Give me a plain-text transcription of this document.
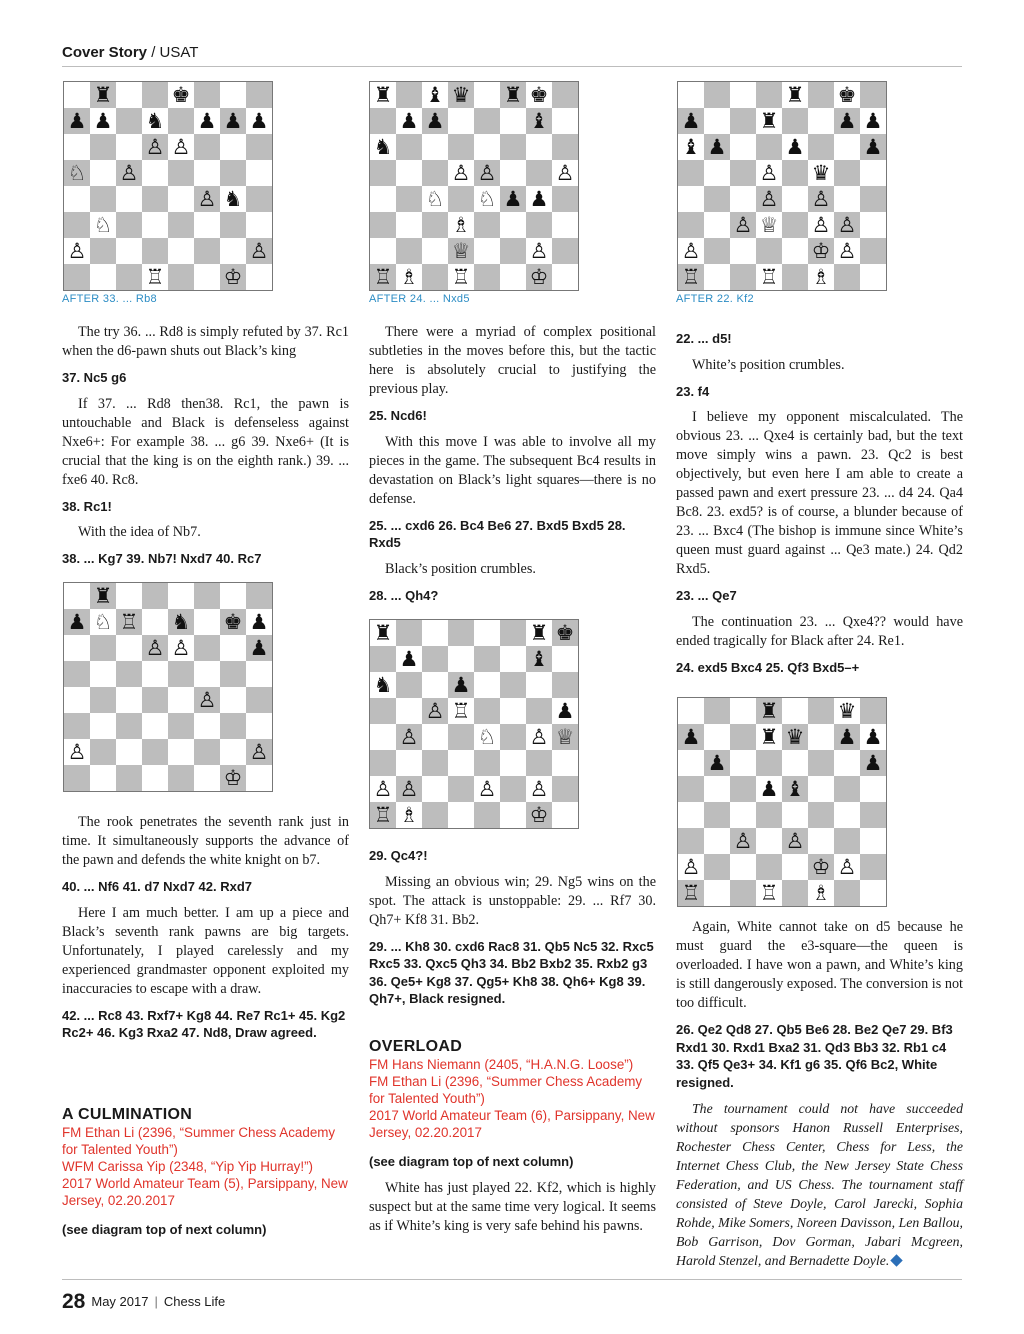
Cover Story / USAT
♜	♚
♟ ♟ ♞ ♟ ♟ ♟
♙ ♙
♘ ♙
♙ ♞
♘
♙	♙
♖	♔
AFTER 33. ... Rb8
♜ ♝ ♛ ♜ ♚
♟ ♟	♝
♞
♙ ♙	♙
♘ ♘ ♟ ♟
♗
♕	♙
♖ ♗ ♖	♔
AFTER 24. ... Nxd5
♜ ♚
♟	♜	♟ ♟
♝ ♟	♟	♟
♙ ♛
♙ ♙
♙ ♕ ♙ ♙
♙	♔ ♙
♖	♖ ♗
AFTER 22. Kf2
♜
♟ ♘ ♖ ♞ ♚ ♟
♙ ♙	♟
♙
♙	♙
♔
♜	♜ ♚
♟	♝
♞	♟
♙ ♖	♟
♙	♘ ♙ ♕
♙ ♙	♙ ♙
♖ ♗	♔
♜	♛
♟	♜ ♛ ♟ ♟
♟	♟
♟ ♝
♙ ♙
♙	♔ ♙
♖	♖ ♗

The try 36. ... Rd8 is simply refuted by 37. Rc1 when the d6-pawn shuts out Black’s king

37. Nc5 g6

If 37. ... Rd8 then38. Rc1, the pawn is untouchable and Black is defenseless against Nxe6+: For example 38. ... g6 39. Nxe6+ (It is crucial that the king is on the eighth rank.) 39. ... fxe6 40. Rc8.

38. Rc1!

With the idea of Nb7.

38. ... Kg7 39. Nb7! Nxd7 40. Rc7

The rook penetrates the seventh rank just in time. It simultaneously supports the advance of the pawn and defends the white knight on b7.

40. ... Nf6 41. d7 Nxd7 42. Rxd7

Here I am much better. I am up a piece and Black’s seventh rank pawns are big targets. Unfortunately, I played carelessly and my experienced grandmaster opponent exploited my inaccuracies to escape with a draw.

42. ... Rc8 43. Rxf7+ Kg8 44. Re7 Rc1+ 45. Kg2 Rc2+ 46. Kg3 Rxa2 47. Nd8, Draw agreed.

A CULMINATION

FM Ethan Li (2396, “Summer Chess Academy for Talented Youth”)

WFM Carissa Yip (2348, “Yip Yip Hurray!”)

2017 World Amateur Team (5), Parsippany, New Jersey, 02.20.2017

(see diagram top of next column)

There were a myriad of complex positional subtleties in the moves before this, but the tactic here is absolutely crucial to justifying the previous play.

25. Ncd6!

With this move I was able to involve all my pieces in the game. The subsequent Bc4 results in devastation on Black’s light squares—there is no defense.

25. ... cxd6 26. Bc4 Be6 27. Bxd5 Bxd5 28. Rxd5

Black’s position crumbles.

28. ... Qh4?

29. Qc4?!

Missing an obvious win; 29. Ng5 wins on the spot. The attack is unstoppable: 29. ... Rf7 30. Qh7+ Kf8 31. Bb2.

29. ... Kh8 30. cxd6 Rac8 31. Qb5 Nc5 32. Rxc5 Rxc5 33. Qxc5 Qh3 34. Bb2 Bxb2 35. Rxb2 g3 36. Qe5+ Kg8 37. Qg5+ Kh8 38. Qh6+ Kg8 39. Qh7+, Black resigned.

OVERLOAD

FM Hans Niemann (2405, “H.A.N.G. Loose”)

FM Ethan Li (2396, “Summer Chess Academy for Talented Youth”)

2017 World Amateur Team (6), Parsippany, New Jersey, 02.20.2017

(see diagram top of next column)

White has just played 22. Kf2, which is highly suspect but at the same time very logical. It seems as if White’s king is very safe behind his pawns.

22. ... d5!

White’s position crumbles.

23. f4

I believe my opponent miscalculated. The obvious 23. ... Qxe4 is certainly bad, but the text move simply wins a pawn. 23. Qc2 is best objectively, but even here I am able to create a passed pawn and exert pressure 23. ... d4 24. Qa4 Bc8. 23. exd5? is of course, a blunder because of 23. ... Bxc4 (The bishop is immune since White’s queen must guard against ... Qe3 mate.) 24. Qd2 Rxd5.

23. ... Qe7

The continuation 23. ... Qxe4?? would have ended tragically for Black after 24. Re1.

24. exd5 Bxc4 25. Qf3 Bxd5–+

Again, White cannot take on d5 because he must guard the e3-square—the queen is overloaded. I have won a pawn, and White’s king is still dangerously exposed. The conversion is not too difficult.

26. Qe2 Qd8 27. Qb5 Be6 28. Be2 Qe7 29. Bf3 Rxd1 30. Rxd1 Bxa2 31. Qd3 Bb3 32. Rb1 c4 33. Qf5 Qe3+ 34. Kf1 g6 35. Qf6 Bc2, White resigned.

The tournament could not have succeeded without sponsors Hanon Russell Enterprises, Rochester Chess Center, Chess for Less, the Internet Chess Club, the New Jersey State Chess Federation, and US Chess. The tournament staff consisted of Steve Doyle, Carol Jarecki, Sophia Rohde, Mike Somers, Noreen Davisson, Len Ballou, Bob Garrison, Dov Gorman, Jabari Mcgreen, Harold Stenzel, and Bernadette Doyle.

28 May 2017 | Chess Life
